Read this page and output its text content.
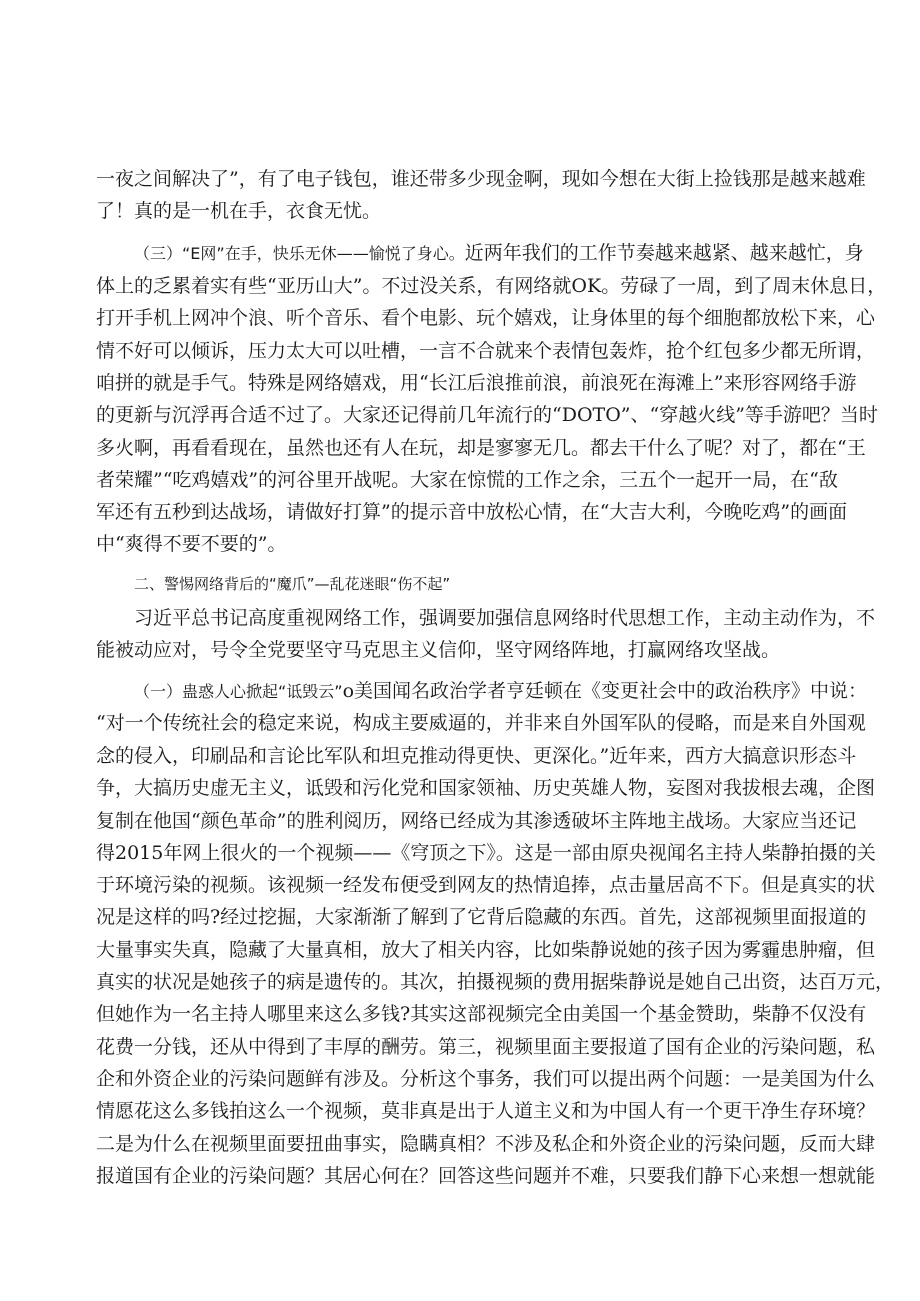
一夜之间解决了”，有了电子钱包，谁还带多少现金啊，现如今想在大街上捡钱那是越来越难
了！真的是一机在手，衣食无忧。
（三）“E网”在手，快乐无休——愉悦了身心。近两年我们的工作节奏越来越紧、越来越忙，身
体上的乏累着实有些“亚历山大”。不过没关系，有网络就OK。劳碌了一周，到了周末休息日，
打开手机上网冲个浪、听个音乐、看个电影、玩个嬉戏，让身体里的每个细胞都放松下来，心
情不好可以倾诉，压力太大可以吐槽，一言不合就来个表情包轰炸，抢个红包多少都无所谓，
咱拼的就是手气。特殊是网络嬉戏，用“长江后浪推前浪，前浪死在海滩上”来形容网络手游
的更新与沉浮再合适不过了。大家还记得前几年流行的“DOTO”、“穿越火线”等手游吧？当时
多火啊，再看看现在，虽然也还有人在玩，却是寥寥无几。都去干什么了呢？对了，都在“王
者荣耀”“吃鸡嬉戏”的河谷里开战呢。大家在惊慌的工作之余，三五个一起开一局，在“敌
军还有五秒到达战场，请做好打算”的提示音中放松心情，在“大吉大利，今晚吃鸡”的画面
中“爽得不要不要的”。
二、警惕网络背后的“魔爪”—乱花迷眼“伤不起”
习近平总书记高度重视网络工作，强调要加强信息网络时代思想工作，主动主动作为，不
能被动应对，号令全党要坚守马克思主义信仰，坚守网络阵地，打赢网络攻坚战。
（一）蛊惑人心掀起“诋毁云”o美国闻名政治学者亨廷顿在《变更社会中的政治秩序》中说：
“对一个传统社会的稳定来说，构成主要威逼的，并非来自外国军队的侵略，而是来自外国观
念的侵入，印刷品和言论比军队和坦克推动得更快、更深化。”近年来，西方大搞意识形态斗
争，大搞历史虚无主义，诋毁和污化党和国家领袖、历史英雄人物，妄图对我拔根去魂，企图
复制在他国“颜色革命”的胜利阅历，网络已经成为其渗透破坏主阵地主战场。大家应当还记
得2015年网上很火的一个视频——《穹顶之下》。这是一部由原央视闻名主持人柴静拍摄的关
于环境污染的视频。该视频一经发布便受到网友的热情追捧，点击量居高不下。但是真实的状
况是这样的吗?经过挖掘，大家渐渐了解到了它背后隐藏的东西。首先，这部视频里面报道的
大量事实失真，隐藏了大量真相，放大了相关内容，比如柴静说她的孩子因为雾霾患肿瘤，但
真实的状况是她孩子的病是遗传的。其次，拍摄视频的费用据柴静说是她自己出资，达百万元，
但她作为一名主持人哪里来这么多钱?其实这部视频完全由美国一个基金赞助，柴静不仅没有
花费一分钱，还从中得到了丰厚的酬劳。第三，视频里面主要报道了国有企业的污染问题，私
企和外资企业的污染问题鲜有涉及。分析这个事务，我们可以提出两个问题：一是美国为什么
情愿花这么多钱拍这么一个视频，莫非真是出于人道主义和为中国人有一个更干净生存环境？
二是为什么在视频里面要扭曲事实，隐瞒真相？不涉及私企和外资企业的污染问题，反而大肆
报道国有企业的污染问题？其居心何在？回答这些问题并不难，只要我们静下心来想一想就能
